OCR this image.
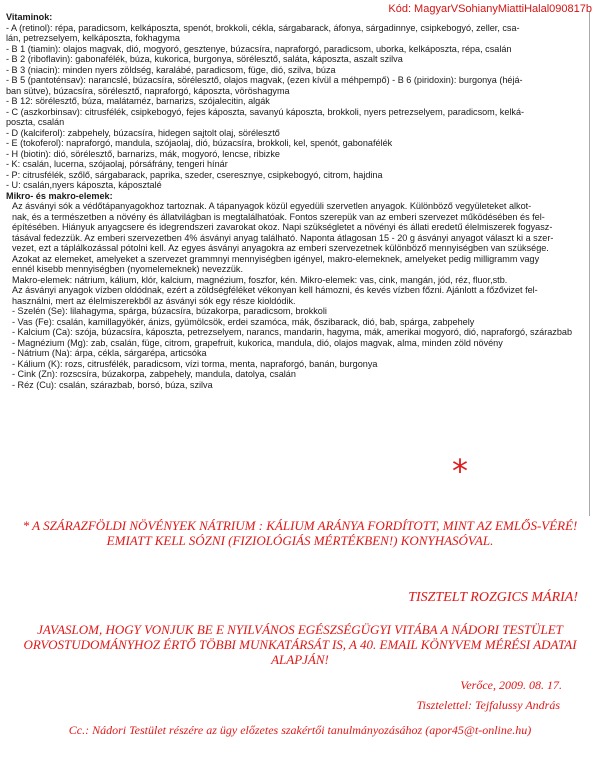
Kód: MagyarVSohianyMiattiHalal090817b

Vitaminok:

- A (retinol): répa, paradicsom, kelkáposzta, spenót, brokkoli, cékla, sárgabarack, áfonya, sárgadinnye, csipkebogyó, zeller, csa-

lán, petrezselyem, kelkáposzta, fokhagyma

- B 1 (tiamin): olajos magvak, dió, mogyoró, gesztenye, búzacsíra, napraforgó, paradicsom, uborka, kelkáposzta, répa, csalán

- B 2 (riboflavin): gabonafélék, búza, kukorica, burgonya, sörélesztő, saláta, káposzta, aszalt szilva

- B 3 (niacin): minden nyers zöldség, karalábé, paradicsom, füge, dió, szilva, búza

- B 5 (pantoténsav): narancslé, búzacsíra, sörélesztő, olajos magvak, (ezen kívül a méhpempő) - B 6 (piridoxin): burgonya (héjá-

ban sütve), búzacsíra, sörélesztő, napraforgó, káposzta, vöröshagyma

- B 12: sörélesztő, búza, malátaméz, barnarizs, szójalecitin, algák

- C (aszkorbinsav): citrusfélék, csipkebogyó, fejes káposzta, savanyú káposzta, brokkoli, nyers petrezselyem, paradicsom, kelká-

poszta, csalán

- D (kalciferol): zabpehely, búzacsíra, hidegen sajtolt olaj, sörélesztő

- E (tokoferol): napraforgó, mandula, szójaolaj, dió, búzacsíra, brokkoli, kel, spenót, gabonafélék

- H (biotin): dió, sörélesztő, barnarizs, mák, mogyoró, lencse, ribizke

- K: csalán, lucerna, szójaolaj, pórsáfrány, tengeri hínár

- P: citrusfélék, szőlő, sárgabarack, paprika, szeder, cseresznye, csipkebogyó, citrom, hajdina

- U: csalán,nyers káposzta, káposztalé

Mikro- és makro-elemek:

Az ásványi sók a védőtápanyagokhoz tartoznak. A tápanyagok közül egyedüli szervetlen anyagok. Különböző vegyületeket alkot-

nak, és a természetben a növény és állatvilágban is megtalálhatóak. Fontos szerepük van az emberi szervezet működésében és fel-

építésében. Hiányuk anyagcsere és idegrendszeri zavarokat okoz. Napi szükségletet a növényi és állati eredetű élelmiszerek fogyasz-

tásával fedezzük. Az emberi szervezetben 4% ásványi anyag található. Naponta átlagosan 15 - 20 g ásványi anyagot választ ki a szer-

vezet, ezt a táplálkozással pótolni kell. Az egyes ásványi anyagokra az emberi szervezetnek különböző mennyiségben van szüksége.

Azokat az elemeket, amelyeket a szervezet grammnyi mennyiségben igényel, makro-elemeknek, amelyeket pedig milligramm vagy

ennél kisebb mennyiségben (nyomelemeknek) nevezzük.

Makro-elemek: nátrium, kálium, klór, kalcium, magnézium, foszfor, kén. Mikro-elemek: vas, cink, mangán, jód, réz, fluor,stb.

Az ásványi anyagok vízben oldódnak, ezért a zöldségféléket vékonyan kell hámozni, és kevés vízben főzni. Ajánlott a főzővizet fel-

használni, mert az élelmiszerekből az ásványi sók egy része kioldódik.

- Szelén (Se): lilahagyma, spárga, búzacsíra, búzakorpa, paradicsom, brokkoli

- Vas (Fe): csalán, kamillagyökér, ánizs, gyümölcsök, erdei szamóca, mák, őszibarack, dió, bab, spárga, zabpehely

- Kalcium (Ca): szója, búzacsíra, káposzta, petrezselyem, narancs, mandarin, hagyma, mák, amerikai mogyoró, dió, napraforgó, szárazbab

- Magnézium (Mg): zab, csalán, füge, citrom, grapefruit, kukorica, mandula, dió, olajos magvak, alma, minden zöld növény

- Nátrium (Na): árpa, cékla, sárgarépa, articsóka

- Kálium (K): rozs, citrusfélék, paradicsom, vízi torma, menta, napraforgó, banán, burgonya

- Cink (Zn): rozscsíra, búzakorpa, zabpehely, mandula, datolya, csalán

- Réz (Cu): csalán, szárazbab, borsó, búza, szilva

*
* A SZÁRAZFÖLDI NÖVÉNYEK NÁTRIUM : KÁLIUM ARÁNYA FORDÍTOTT, MINT AZ EMLŐS-VÉRÉ! EMIATT KELL SÓZNI (FIZIOLÓGIÁS MÉRTÉKBEN!) KONYHASÓVAL.
TISZTELT ROZGICS MÁRIA!
JAVASLOM, HOGY VONJUK BE E NYILVÁNOS EGÉSZSÉGÜGYI VITÁBA A NÁDORI TESTÜLET ORVOSTUDOMÁNYHOZ ÉRTŐ TÖBBI MUNKATÁRSÁT IS, A 40. EMAIL KÖNYVEM MÉRÉSI ADATAI ALAPJÁN!
Verőce, 2009. 08. 17.
Tisztelettel: Tejfalussy András
Cc.: Nádori Testület részére az ügy előzetes szakértői tanulmányozásához (apor45@t-online.hu)
